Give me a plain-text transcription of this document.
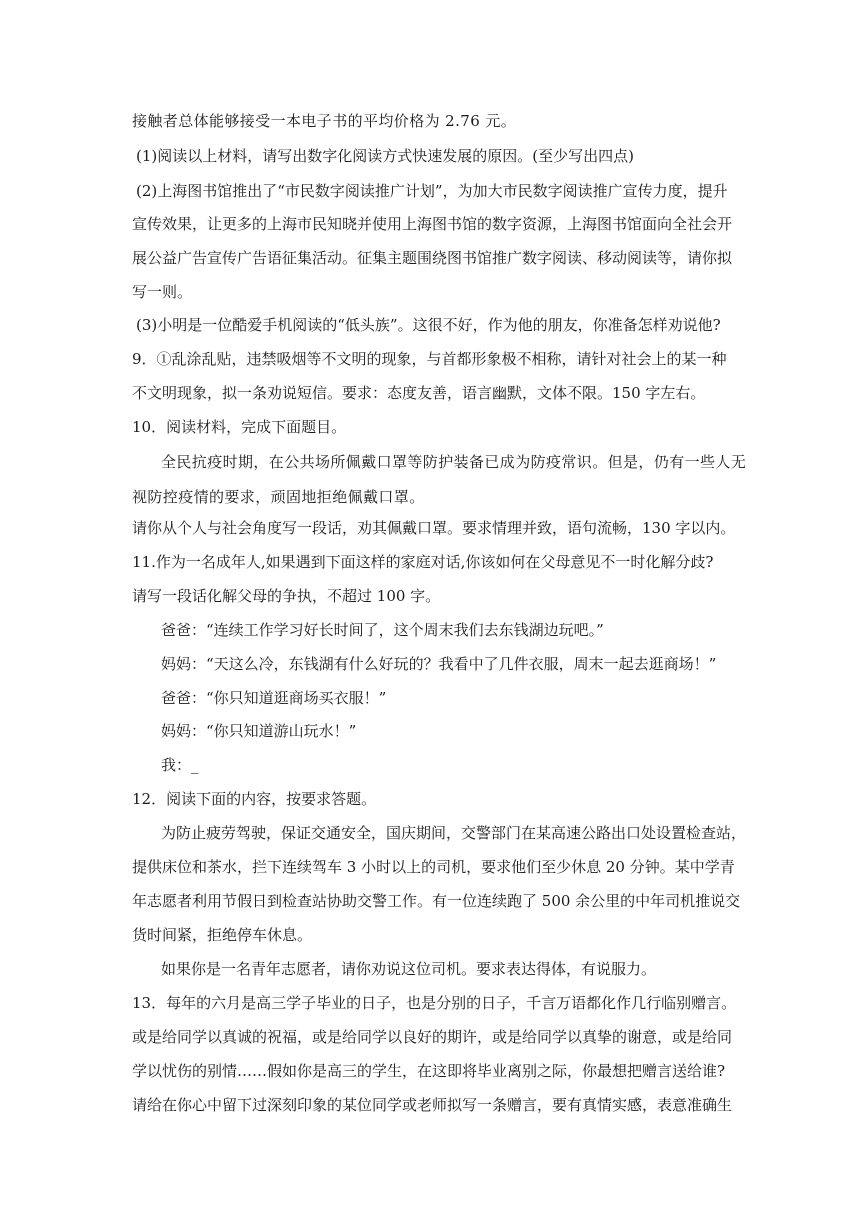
接触者总体能够接受一本电子书的平均价格为 2.76 元。
(1)阅读以上材料，请写出数字化阅读方式快速发展的原因。(至少写出四点)
(2)上海图书馆推出了“市民数字阅读推广计划”，为加大市民数字阅读推广宣传力度，提升
宣传效果，让更多的上海市民知晓并使用上海图书馆的数字资源，上海图书馆面向全社会开
展公益广告宣传广告语征集活动。征集主题围绕图书馆推广数字阅读、移动阅读等，请你拟
写一则。
(3)小明是一位酷爱手机阅读的“低头族”。这很不好，作为他的朋友，你准备怎样劝说他?
9．①乱涂乱贴，违禁吸烟等不文明的现象，与首都形象极不相称，请针对社会上的某一种
不文明现象，拟一条劝说短信。要求：态度友善，语言幽默，文体不限。150 字左右。
10．阅读材料，完成下面题目。
全民抗疫时期，在公共场所佩戴口罩等防护装备已成为防疫常识。但是，仍有一些人无
视防控疫情的要求，顽固地拒绝佩戴口罩。
请你从个人与社会角度写一段话，劝其佩戴口罩。要求情理并致，语句流畅，130 字以内。
11.作为一名成年人,如果遇到下面这样的家庭对话,你该如何在父母意见不一时化解分歧?
请写一段话化解父母的争执，不超过 100 字。
爸爸：“连续工作学习好长时间了，这个周末我们去东钱湖边玩吧。”
妈妈：“天这么冷，东钱湖有什么好玩的？我看中了几件衣服，周末一起去逛商场！”
爸爸：“你只知道逛商场买衣服！”
妈妈：“你只知道游山玩水！”
我：_
12．阅读下面的内容，按要求答题。
为防止疲劳驾驶，保证交通安全，国庆期间，交警部门在某高速公路出口处设置检查站，
提供床位和茶水，拦下连续驾车 3 小时以上的司机，要求他们至少休息 20 分钟。某中学青
年志愿者利用节假日到检查站协助交警工作。有一位连续跑了 500 余公里的中年司机推说交
货时间紧，拒绝停车休息。
如果你是一名青年志愿者，请你劝说这位司机。要求表达得体，有说服力。
13．每年的六月是高三学子毕业的日子，也是分别的日子，千言万语都化作几行临别赠言。
或是给同学以真诚的祝福，或是给同学以良好的期许，或是给同学以真挚的谢意，或是给同
学以忧伤的别情……假如你是高三的学生，在这即将毕业离别之际，你最想把赠言送给谁?
请给在你心中留下过深刻印象的某位同学或老师拟写一条赠言，要有真情实感，表意准确生
